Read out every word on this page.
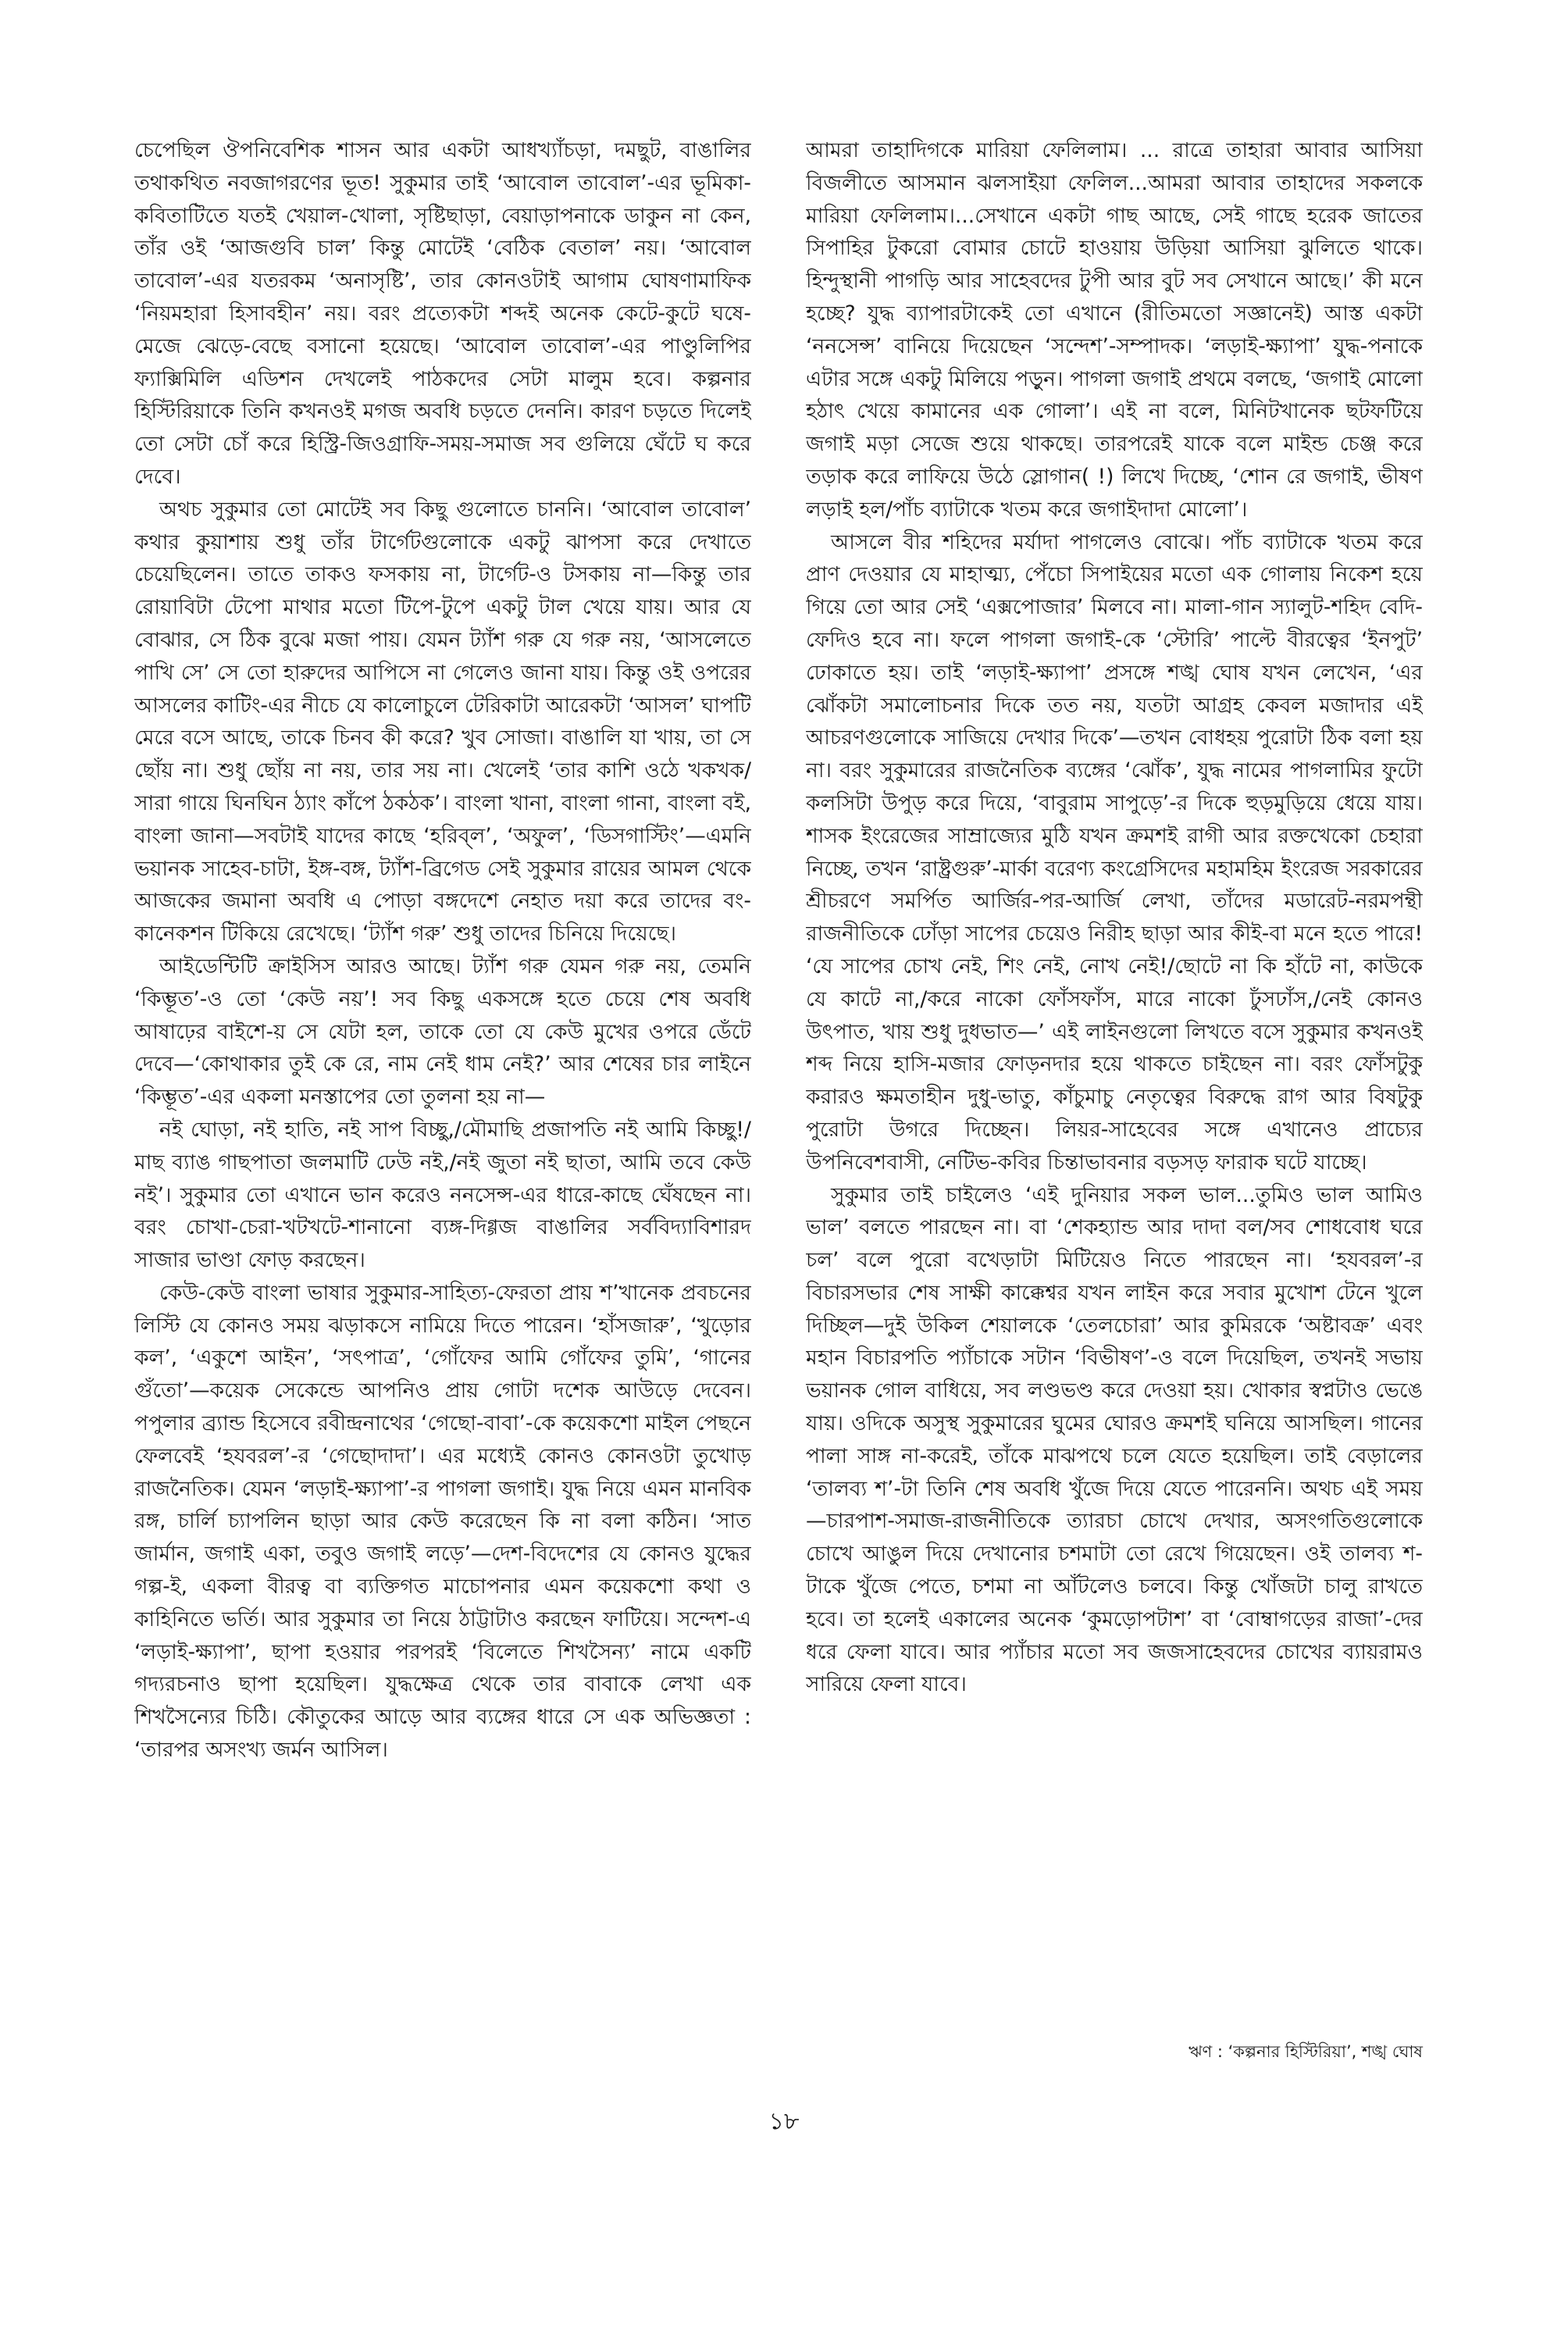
চেপেছিল ঔপনিবেশিক শাসন আর একটা আধখ্যাঁচড়া, দমছুট, বাঙালির তথাকথিত নবজাগরণের ভূত! সুকুমার তাই ‘আবোল তাবোল’-এর ভূমিকা-কবিতাটিতে যতই খেয়াল-খোলা, সৃষ্টিছাড়া, বেয়াড়াপনাকে ডাকুন না কেন, তাঁর ওই ‘আজগুবি চাল’ কিন্তু মোটেই ‘বেঠিক বেতাল’ নয়। ‘আবোল তাবোল’-এর যতরকম ‘অনাসৃষ্টি’, তার কোনওটাই আগাম ঘোষণামাফিক ‘নিয়মহারা হিসাবহীন’ নয়। বরং প্রত্যেকটা শব্দই অনেক কেটে-কুটে ঘষে-মেজে ঝেড়ে-বেছে বসানো হয়েছে। ‘আবোল তাবোল’-এর পাণ্ডুলিপির ফ্যাক্সিমিলি এডিশন দেখলেই পাঠকদের সেটা মালুম হবে। কল্পনার হিস্টিরিয়াকে তিনি কখনওই মগজ অবধি চড়তে দেননি। কারণ চড়তে দিলেই তো সেটা চোঁ করে হিস্ট্রি-জিওগ্রাফি-সময়-সমাজ সব গুলিয়ে ঘেঁটে ঘ করে দেবে।

অথচ সুকুমার তো মোটেই সব কিছু গুলোতে চাননি। ‘আবোল তাবোল’ কথার কুয়াশায় শুধু তাঁর টার্গেটগুলোকে একটু ঝাপসা করে দেখাতে চেয়েছিলেন। তাতে তাকও ফসকায় না, টার্গেট-ও টসকায় না—কিন্তু তার রোয়াবিটা টেপো মাথার মতো টিপে-টুপে একটু টাল খেয়ে যায়। আর যে বোঝার, সে ঠিক বুঝে মজা পায়। যেমন ট্যাঁশ গরু যে গরু নয়, ‘আসলেতে পাখি সে’ সে তো হারুদের আপিসে না গেলেও জানা যায়। কিন্তু ওই ওপরের আসলের কাটিং-এর নীচে যে কালোচুলে টেরিকাটা আরেকটা ‘আসল’ ঘাপটি মেরে বসে আছে, তাকে চিনব কী করে? খুব সোজা। বাঙালি যা খায়, তা সে ছোঁয় না। শুধু ছোঁয় না নয়, তার সয় না। খেলেই ‘তার কাশি ওঠে খকখক/সারা গায়ে ঘিনঘিন ঠ্যাং কাঁপে ঠকঠক’। বাংলা খানা, বাংলা গানা, বাংলা বই, বাংলা জানা—সবটাই যাদের কাছে ‘হরিব্‌ল’, ‘অফুল’, ‘ডিসগাস্টিং’—এমনি ভয়ানক সাহেব-চাটা, ইঙ্গ-বঙ্গ, ট্যাঁশ-ব্রিগেড সেই সুকুমার রায়ের আমল থেকে আজকের জমানা অবধি এ পোড়া বঙ্গদেশে নেহাত দয়া করে তাদের বং-কানেকশন টিকিয়ে রেখেছে। ‘ট্যাঁশ গরু’ শুধু তাদের চিনিয়ে দিয়েছে।

আইডেন্টিটি ক্রাইসিস আরও আছে। ট্যাঁশ গরু যেমন গরু নয়, তেমনি ‘কিম্ভূত’-ও তো ‘কেউ নয়’! সব কিছু একসঙ্গে হতে চেয়ে শেষ অবধি আষাঢ়ের বাইশে-য় সে যেটা হল, তাকে তো যে কেউ মুখের ওপরে ডেঁটে দেবে—‘কোথাকার তুই কে রে, নাম নেই ধাম নেই?’ আর শেষের চার লাইনে ‘কিম্ভূত’-এর একলা মনস্তাপের তো তুলনা হয় না—

নই ঘোড়া, নই হাতি, নই সাপ বিচ্ছু,/মৌমাছি প্রজাপতি নই আমি কিচ্ছু!/মাছ ব্যাঙ গাছপাতা জলমাটি ঢেউ নই,/নই জুতা নই ছাতা, আমি তবে কেউ নই’। সুকুমার তো এখানে ভান করেও ননসেন্স-এর ধারে-কাছে ঘেঁষছেন না। বরং চোখা-চেরা-খটখটে-শানানো ব্যঙ্গ-দিগ্গজ বাঙালির সর্ববিদ্যাবিশারদ সাজার ভাণ্ডা ফোড় করছেন।

কেউ-কেউ বাংলা ভাষার সুকুমার-সাহিত্য-ফেরতা প্রায় শ’খানেক প্রবচনের লিস্টি যে কোনও সময় ঝড়াকসে নামিয়ে দিতে পারেন। ‘হাঁসজারু’, ‘খুড়োর কল’, ‘একুশে আইন’, ‘সৎপাত্র’, ‘গোঁফের আমি গোঁফের তুমি’, ‘গানের গুঁতো’—কয়েক সেকেন্ডে আপনিও প্রায় গোটা দশেক আউড়ে দেবেন। পপুলার ব্র্যান্ড হিসেবে রবীন্দ্রনাথের ‘গেছো-বাবা’-কে কয়েকশো মাইল পেছনে ফেলবেই ‘হযবরল’-র ‘গেছোদাদা’। এর মধ্যেই কোনও কোনওটা তুখোড় রাজনৈতিক। যেমন ‘লড়াই-ক্ষ্যাপা’-র পাগলা জগাই। যুদ্ধ নিয়ে এমন মানবিক রঙ্গ, চার্লি চ্যাপলিন ছাড়া আর কেউ করেছেন কি না বলা কঠিন। ‘সাত জার্মান, জগাই একা, তবুও জগাই লড়ে’—দেশ-বিদেশের যে কোনও যুদ্ধের গল্প-ই, একলা বীরত্ব বা ব্যক্তিগত মাচোপনার এমন কয়েকশো কথা ও কাহিনিতে ভর্তি। আর সুকুমার তা নিয়ে ঠাট্টাটাও করছেন ফাটিয়ে। সন্দেশ-এ ‘লড়াই-ক্ষ্যাপা’, ছাপা হওয়ার পরপরই ‘বিলেতে শিখসৈন্য’ নামে একটি গদ্যরচনাও ছাপা হয়েছিল। যুদ্ধক্ষেত্র থেকে তার বাবাকে লেখা এক শিখসৈন্যের চিঠি। কৌতুকের আড়ে আর ব্যঙ্গের ধারে সে এক অভিজ্ঞতা : ‘তারপর অসংখ্য জর্মন আসিল।

আমরা তাহাদিগকে মারিয়া ফেলিলাম। ... রাত্রে তাহারা আবার আসিয়া বিজলীতে আসমান ঝলসাইয়া ফেলিল...আমরা আবার তাহাদের সকলকে মারিয়া ফেলিলাম।...সেখানে একটা গাছ আছে, সেই গাছে হরেক জাতের সিপাহির টুকরো বোমার চোটে হাওয়ায় উড়িয়া আসিয়া ঝুলিতে থাকে। হিন্দুস্থানী পাগড়ি আর সাহেবদের টুপী আর বুট সব সেখানে আছে।’ কী মনে হচ্ছে? যুদ্ধ ব্যাপারটাকেই তো এখানে (রীতিমতো সজ্ঞানেই) আস্ত একটা ‘ননসেন্স’ বানিয়ে দিয়েছেন ‘সন্দেশ’-সম্পাদক। ‘লড়াই-ক্ষ্যাপা’ যুদ্ধ-পনাকে এটার সঙ্গে একটু মিলিয়ে পড়ুন। পাগলা জগাই প্রথমে বলছে, ‘জগাই মোলো হঠাৎ খেয়ে কামানের এক গোলা’। এই না বলে, মিনিটখানেক ছটফটিয়ে জগাই মড়া সেজে শুয়ে থাকছে। তারপরেই যাকে বলে মাইন্ড চেঞ্জ করে তড়াক করে লাফিয়ে উঠে স্লোগান( !) লিখে দিচ্ছে, ‘শোন রে জগাই, ভীষণ লড়াই হল/পাঁচ ব্যাটাকে খতম করে জগাইদাদা মোলো’।

আসলে বীর শহিদের মর্যাদা পাগলেও বোঝে। পাঁচ ব্যাটাকে খতম করে প্রাণ দেওয়ার যে মাহাত্ম্য, পেঁচো সিপাইয়ের মতো এক গোলায় নিকেশ হয়ে গিয়ে তো আর সেই ‘এক্সপোজার’ মিলবে না। মালা-গান স্যালুট-শহিদ বেদি-ফেদিও হবে না। ফলে পাগলা জগাই-কে ‘স্টোরি’ পাল্টে বীরত্বের ‘ইনপুট’ ঢোকাতে হয়। তাই ‘লড়াই-ক্ষ্যাপা’ প্রসঙ্গে শঙ্খ ঘোষ যখন লেখেন, ‘এর ঝোঁকটা সমালোচনার দিকে তত নয়, যতটা আগ্রহ কেবল মজাদার এই আচরণগুলোকে সাজিয়ে দেখার দিকে’—তখন বোধহয় পুরোটা ঠিক বলা হয় না। বরং সুকুমারের রাজনৈতিক ব্যঙ্গের ‘ঝোঁক’, যুদ্ধ নামের পাগলামির ফুটো কলসিটা উপুড় করে দিয়ে, ‘বাবুরাম সাপুড়ে’-র দিকে হুড়মুড়িয়ে ধেয়ে যায়। শাসক ইংরেজের সাম্রাজ্যের মুঠি যখন ক্রমশই রাগী আর রক্তখেকো চেহারা নিচ্ছে, তখন ‘রাষ্ট্রগুরু’-মার্কা বরেণ্য কংগ্রেসিদের মহামহিম ইংরেজ সরকারের শ্রীচরণে সমর্পিত আর্জির-পর-আর্জি লেখা, তাঁদের মডারেট-নরমপন্থী রাজনীতিকে ঢোঁড়া সাপের চেয়েও নিরীহ ছাড়া আর কীই-বা মনে হতে পারে! ‘যে সাপের চোখ নেই, শিং নেই, নোখ নেই!/ছোটে না কি হাঁটে না, কাউকে যে কাটে না,/করে নাকো ফোঁসফাঁস, মারে নাকো ঢুঁসঢাঁস,/নেই কোনও উৎপাত, খায় শুধু দুধভাত—’ এই লাইনগুলো লিখতে বসে সুকুমার কখনওই শব্দ নিয়ে হাসি-মজার ফোড়নদার হয়ে থাকতে চাইছেন না। বরং ফোঁসটুকু করারও ক্ষমতাহীন দুধু-ভাতু, কাঁচুমাচু নেতৃত্বের বিরুদ্ধে রাগ আর বিষটুকু পুরোটা উগরে দিচ্ছেন। লিয়র-সাহেবের সঙ্গে এখানেও প্রাচ্যের উপনিবেশবাসী, নেটিভ-কবির চিন্তাভাবনার বড়সড় ফারাক ঘটে যাচ্ছে।

সুকুমার তাই চাইলেও ‘এই দুনিয়ার সকল ভাল...তুমিও ভাল আমিও ভাল’ বলতে পারছেন না। বা ‘শেকহ্যান্ড আর দাদা বল/সব শোধবোধ ঘরে চল’ বলে পুরো বখেড়াটা মিটিয়েও নিতে পারছেন না। ‘হযবরল’-র বিচারসভার শেষ সাক্ষী কাক্কেশ্বর যখন লাইন করে সবার মুখোশ টেনে খুলে দিচ্ছিল—দুই উকিল শেয়ালকে ‘তেলচোরা’ আর কুমিরকে ‘অষ্টাবক্র’ এবং মহান বিচারপতি প্যাঁচাকে সটান ‘বিভীষণ’-ও বলে দিয়েছিল, তখনই সভায় ভয়ানক গোল বাধিয়ে, সব লণ্ডভণ্ড করে দেওয়া হয়। খোকার স্বপ্নটাও ভেঙে যায়। ওদিকে অসুস্থ সুকুমারের ঘুমের ঘোরও ক্রমশই ঘনিয়ে আসছিল। গানের পালা সাঙ্গ না-করেই, তাঁকে মাঝপথে চলে যেতে হয়েছিল। তাই বেড়ালের ‘তালব্য শ’-টা তিনি শেষ অবধি খুঁজে দিয়ে যেতে পারেননি। অথচ এই সময়—চারপাশ-সমাজ-রাজনীতিকে ত্যারচা চোখে দেখার, অসংগতিগুলোকে চোখে আঙুল দিয়ে দেখানোর চশমাটা তো রেখে গিয়েছেন। ওই তালব্য শ-টাকে খুঁজে পেতে, চশমা না আঁটলেও চলবে। কিন্তু খোঁজটা চালু রাখতে হবে। তা হলেই একালের অনেক ‘কুমড়োপটাশ’ বা ‘বোম্বাগড়ের রাজা’-দের ধরে ফেলা যাবে। আর প্যাঁচার মতো সব জজসাহেবদের চোখের ব্যায়রামও সারিয়ে ফেলা যাবে।

ঋণ : ‘কল্পনার হিস্টিরিয়া’, শঙ্খ ঘোষ
১৮
